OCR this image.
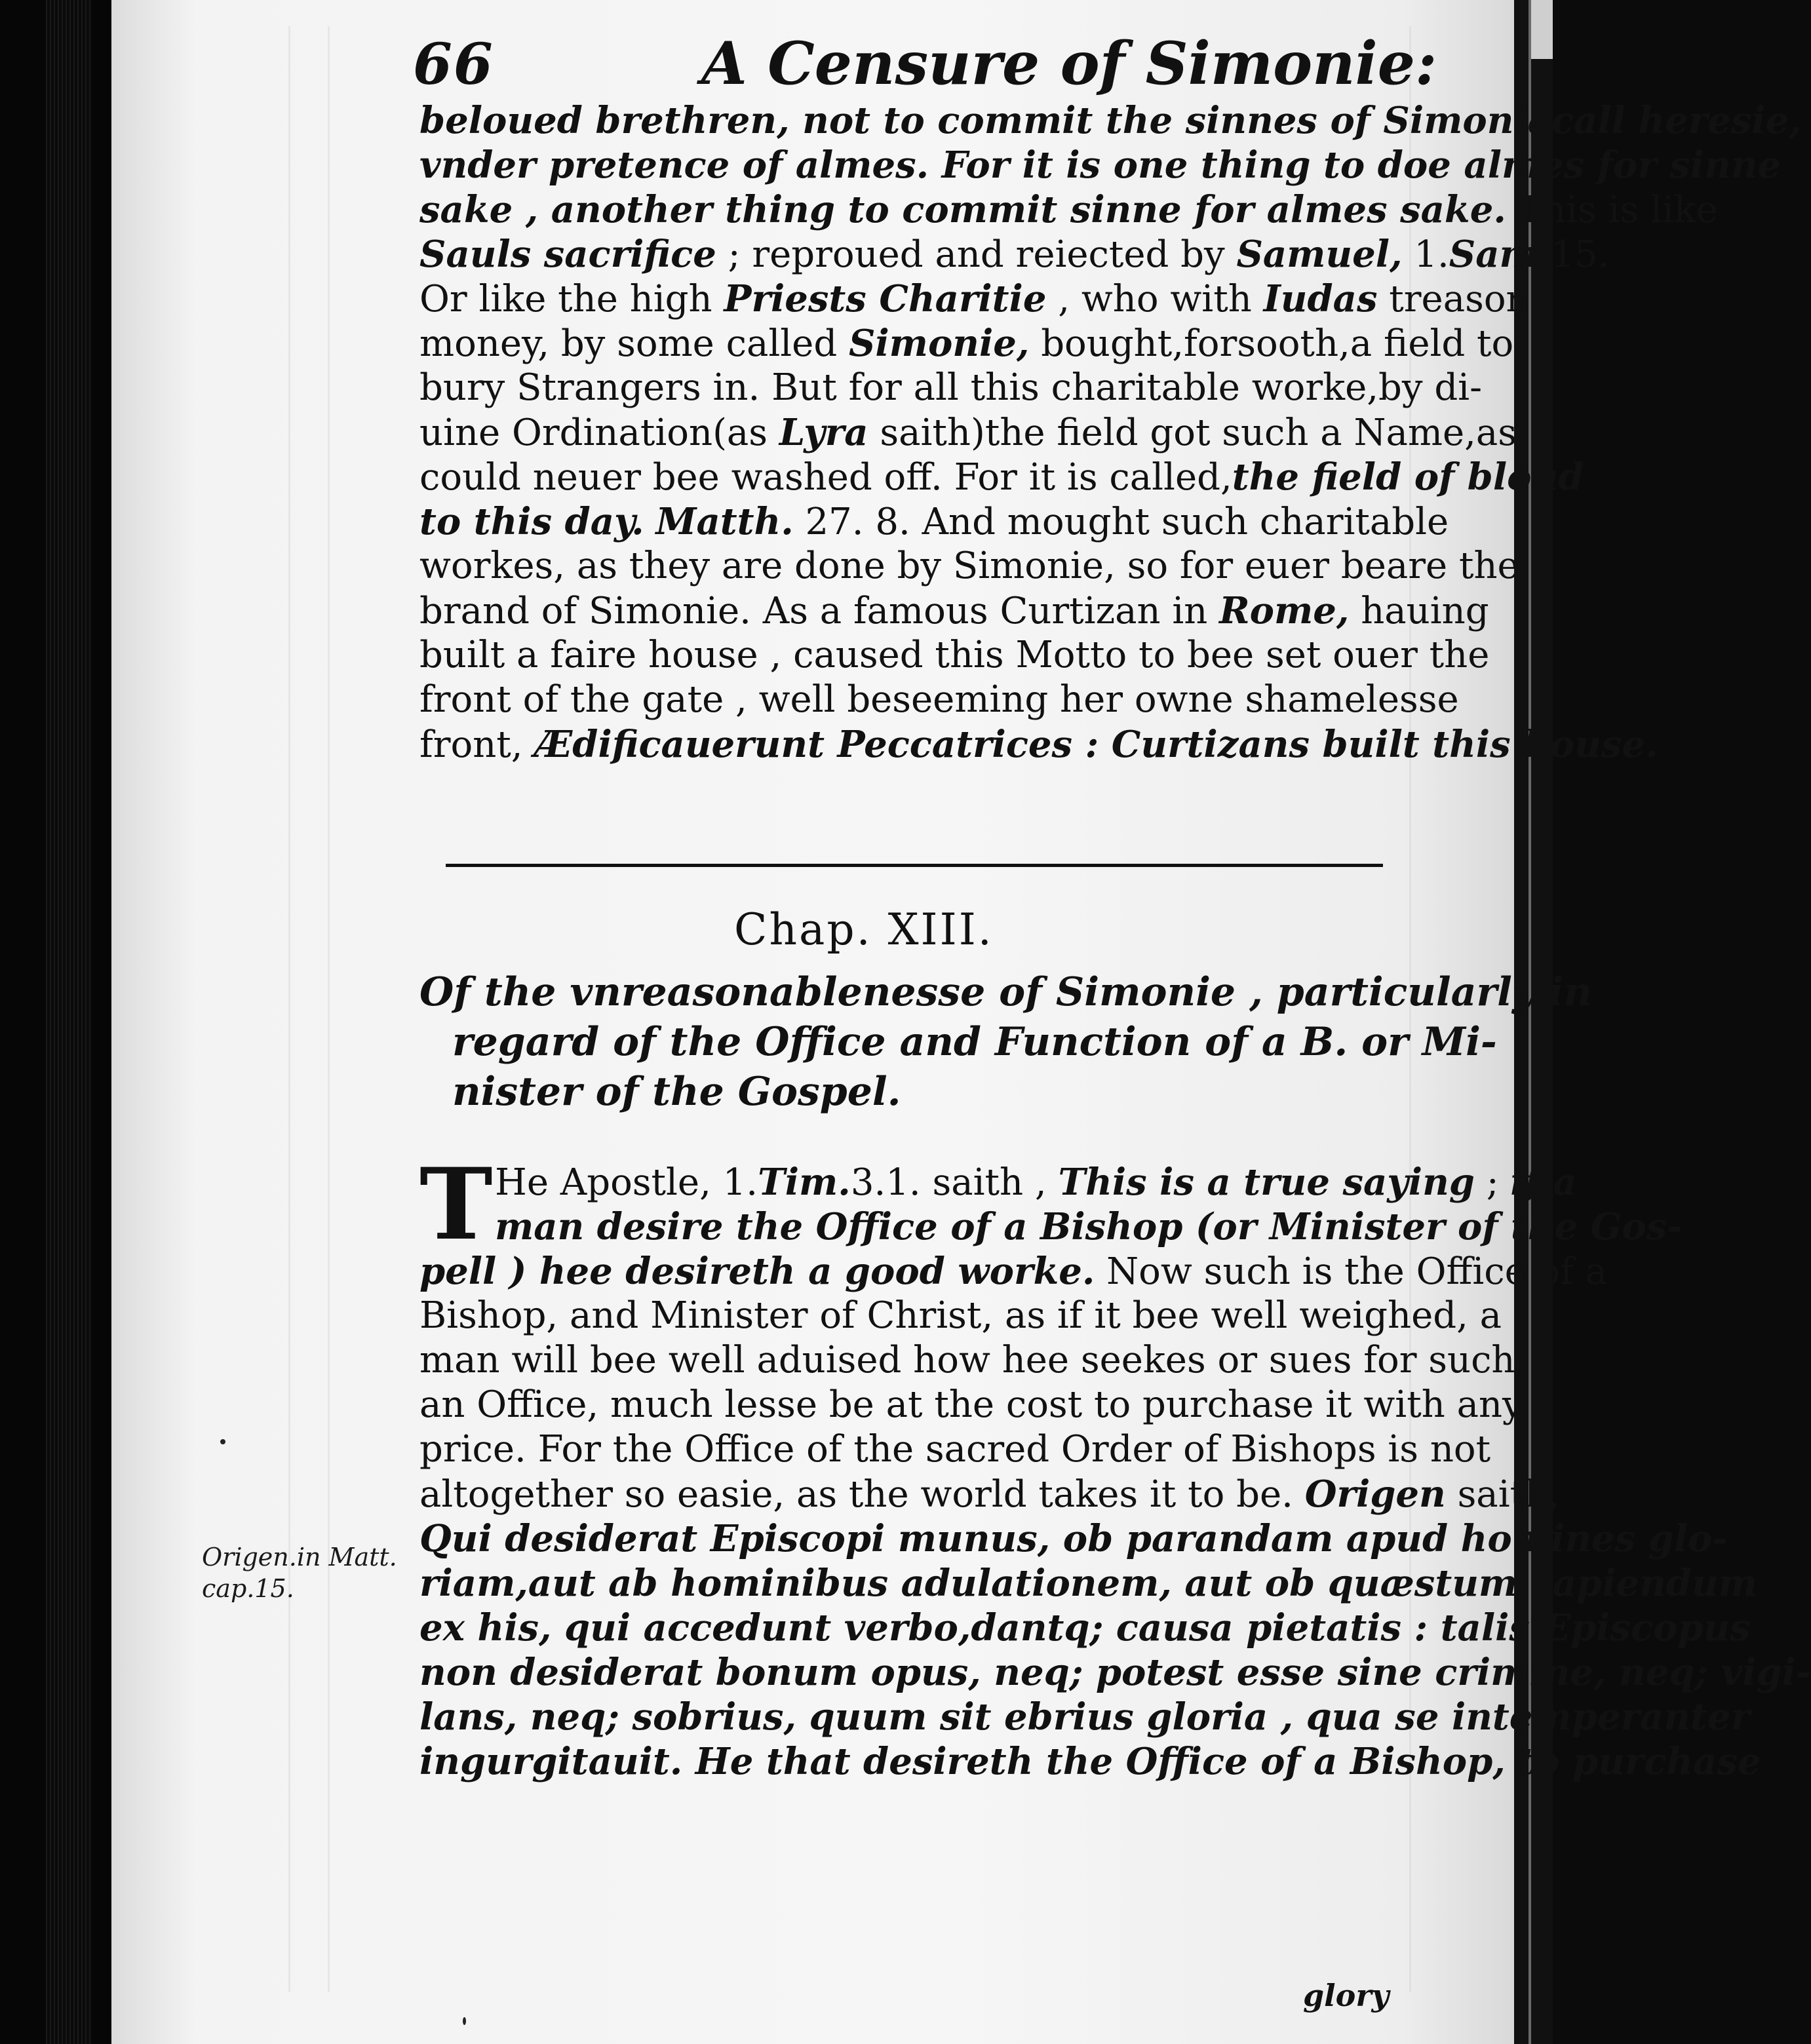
66	A Censure of Simonie:
beloued brethren, not to commit the sinnes of Simoniacall heresie,
vnder pretence of almes. For it is one thing to doe almes for sinne
sake , another thing to commit sinne for almes sake. This is like
Sauls sacrifice ; reproued and reiected by Samuel, 1.Sam.15.
Or like the high Priests Charitie , who with Iudas treason-
money, by some called Simonie, bought,forsooth,a field to
bury Strangers in. But for all this charitable worke,by di-
uine Ordination(as Lyra saith)the field got such a Name,as
could neuer bee washed off. For it is called,the field of bloud
to this day. Matth. 27. 8. And mought such charitable
workes, as they are done by Simonie, so for euer beare the
brand of Simonie. As a famous Curtizan in Rome, hauing
built a faire house , caused this Motto to bee set ouer the
front of the gate , well beseeming her owne shamelesse
front, Ædificauerunt Peccatrices : Curtizans built this house.
Chap. XIII.
Of the vnreasonablenesse of Simonie , particularly in
regard of the Office and Function of a B. or Mi-
nister of the Gospel.
T He Apostle, 1.Tim.3.1. saith , This is a true saying ; if a
man desire the Office of a Bishop (or Minister of the Gos-
pell ) hee desireth a good worke. Now such is the Office of a
Bishop, and Minister of Christ, as if it bee well weighed, a
man will bee well aduised how hee seekes or sues for such
an Office, much lesse be at the cost to purchase it with any
price. For the Office of the sacred Order of Bishops is not
altogether so easie, as the world takes it to be. Origen saith,
Qui desiderat Episcopi munus, ob parandam apud homines glo-
riam,aut ab hominibus adulationem, aut ob quæstum capiendum
ex his, qui accedunt verbo,dantq; causa pietatis : talis Episcopus
non desiderat bonum opus, neq; potest esse sine crimine, neq; vigi-
lans, neq; sobrius, quum sit ebrius gloria , qua se intemperanter
ingurgitauit. He that desireth the Office of a Bishop, to purchase
Origen.in Matt.
cap.15.
glory
